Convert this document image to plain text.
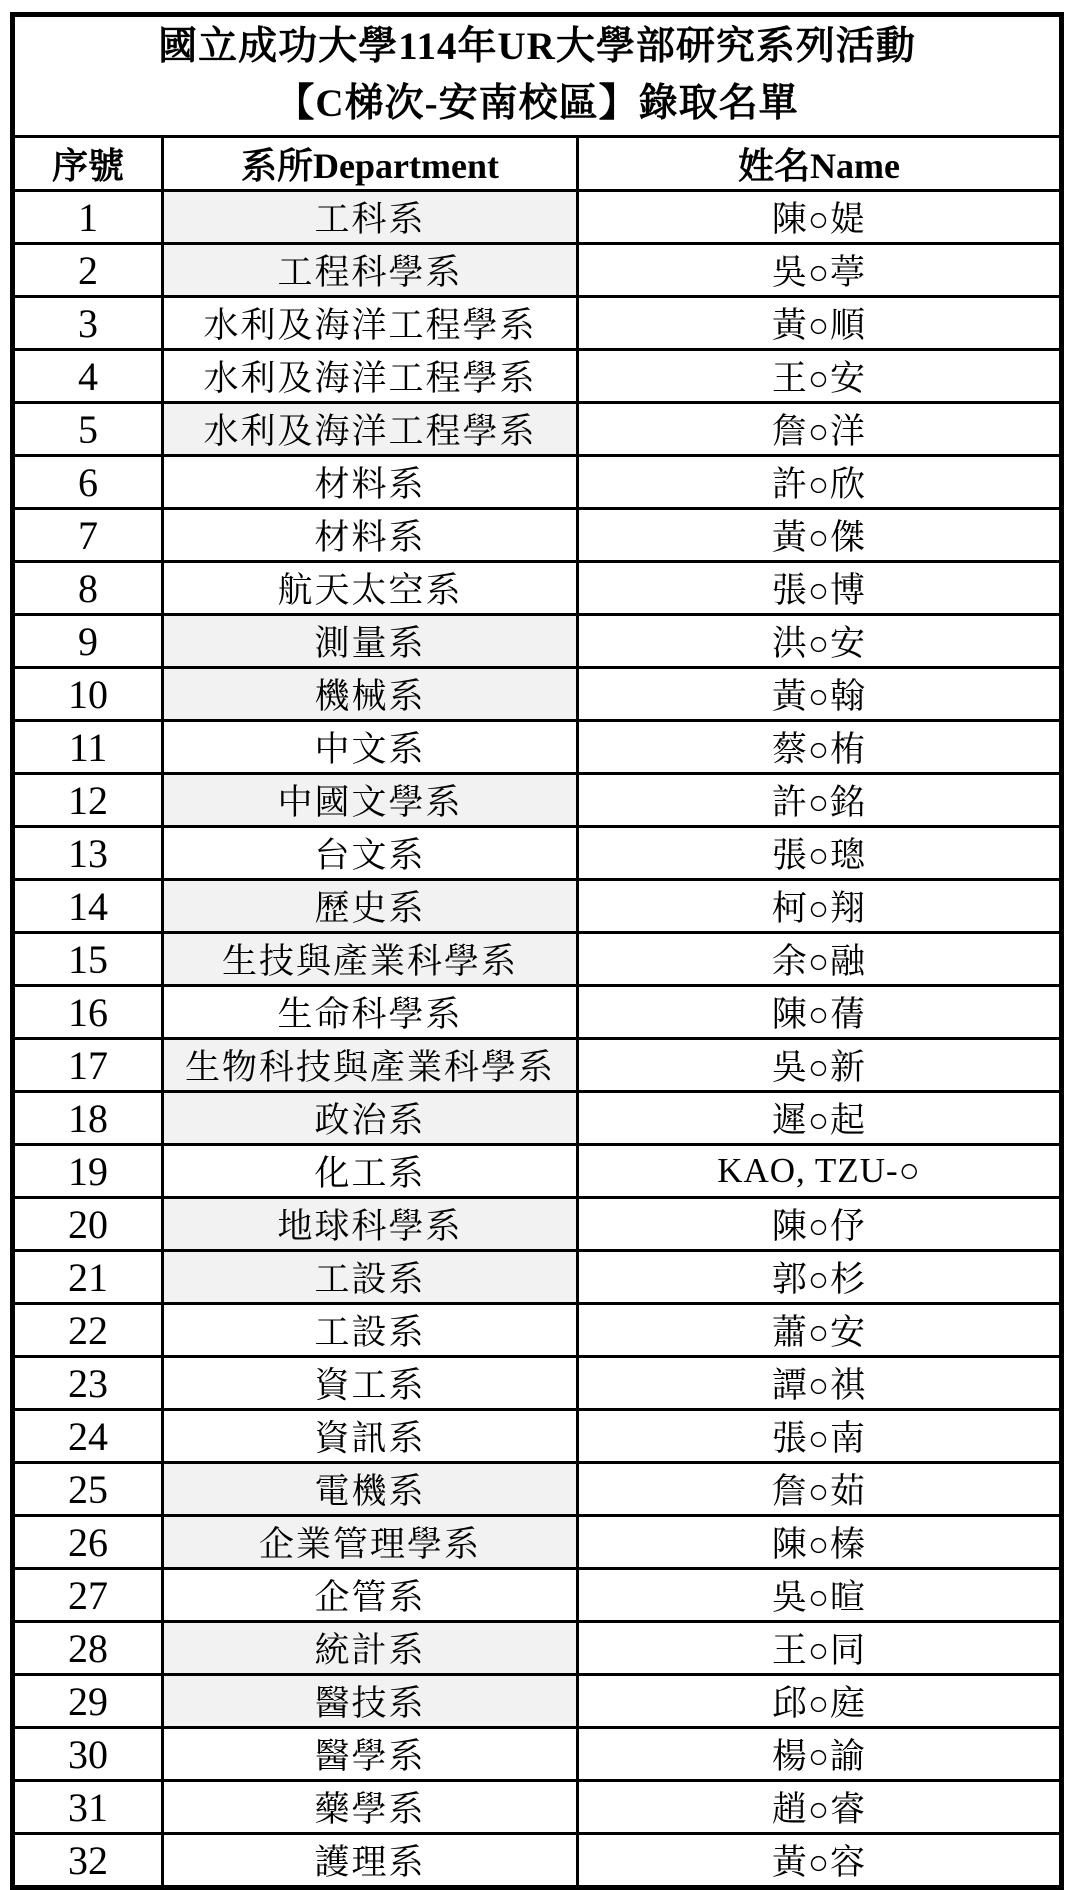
國立成功大學114年UR大學部研究系列活動
【C梯次-安南校區】錄取名單		

序號	系所Department	姓名Name
1	工科系	陳○媞
2	工程科學系	吳○葶
3	水利及海洋工程學系	黃○順
4	水利及海洋工程學系	王○安
5	水利及海洋工程學系	詹○洋
6	材料系	許○欣
7	材料系	黃○傑
8	航天太空系	張○博
9	測量系	洪○安
10	機械系	黃○翰
11	中文系	蔡○栯
12	中國文學系	許○銘
13	台文系	張○璁
14	歷史系	柯○翔
15	生技與產業科學系	余○融
16	生命科學系	陳○蒨
17	生物科技與產業科學系	吳○新
18	政治系	遲○起
19	化工系	KAO, TZU-○
20	地球科學系	陳○伃
21	工設系	郭○杉
22	工設系	蕭○安
23	資工系	譚○祺
24	資訊系	張○南
25	電機系	詹○茹
26	企業管理學系	陳○榛
27	企管系	吳○暄
28	統計系	王○同
29	醫技系	邱○庭
30	醫學系	楊○諭
31	藥學系	趙○睿
32	護理系	黃○容
